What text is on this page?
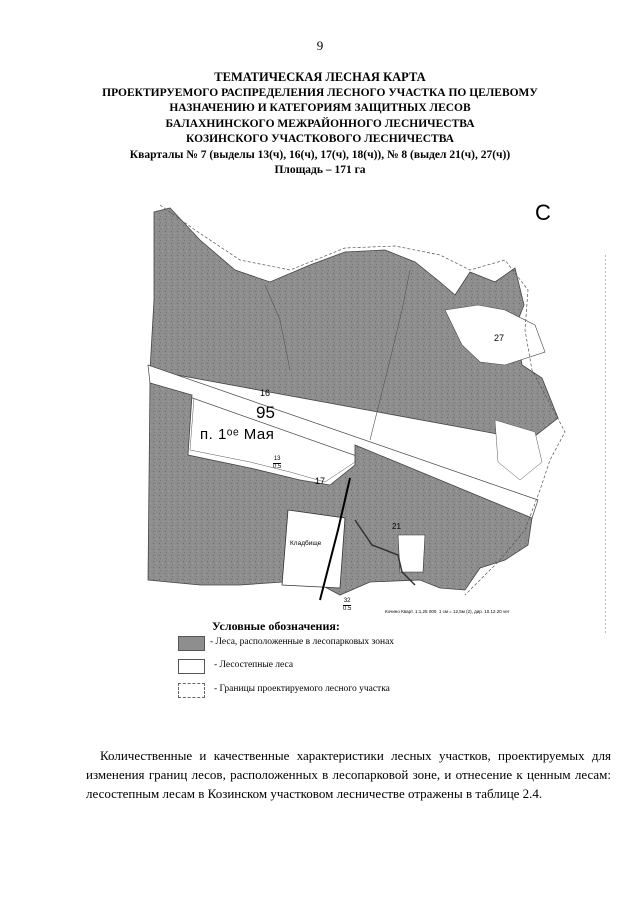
9
ТЕМАТИЧЕСКАЯ ЛЕСНАЯ КАРТА
ПРОЕКТИРУЕМОГО РАСПРЕДЕЛЕНИЯ ЛЕСНОГО УЧАСТКА ПО ЦЕЛЕВОМУ
НАЗНАЧЕНИЮ И КАТЕГОРИЯМ ЗАЩИТНЫХ ЛЕСОВ
БАЛАХНИНСКОГО МЕЖРАЙОННОГО ЛЕСНИЧЕСТВА
КОЗИНСКОГО УЧАСТКОВОГО ЛЕСНИЧЕСТВА
Кварталы № 7 (выделы 13(ч), 16(ч), 17(ч), 18(ч)), № 8 (выдел 21(ч), 27(ч))
Площадь – 171 га
С
95
п. 1ᵒᵉ Мая
Кладбище
$\frac{13}{0.5}$
$\frac{32}{0.5}$
17
16
27
21
Кочино Кварт. 1:1,25 000. 1 см = 12,5м (2), дир. 10.12.20 ver
Условные обозначения:
- Леса, расположенные в лесопарковых зонах
- Лесостепные леса
- Границы проектируемого лесного участка
Количественные и качественные характеристики лесных участков, проектируемых для изменения границ лесов, расположенных в лесопарковой зоне, и отнесение к ценным лесам: лесостепным лесам в Козинском участковом лесничестве отражены в таблице 2.4.
